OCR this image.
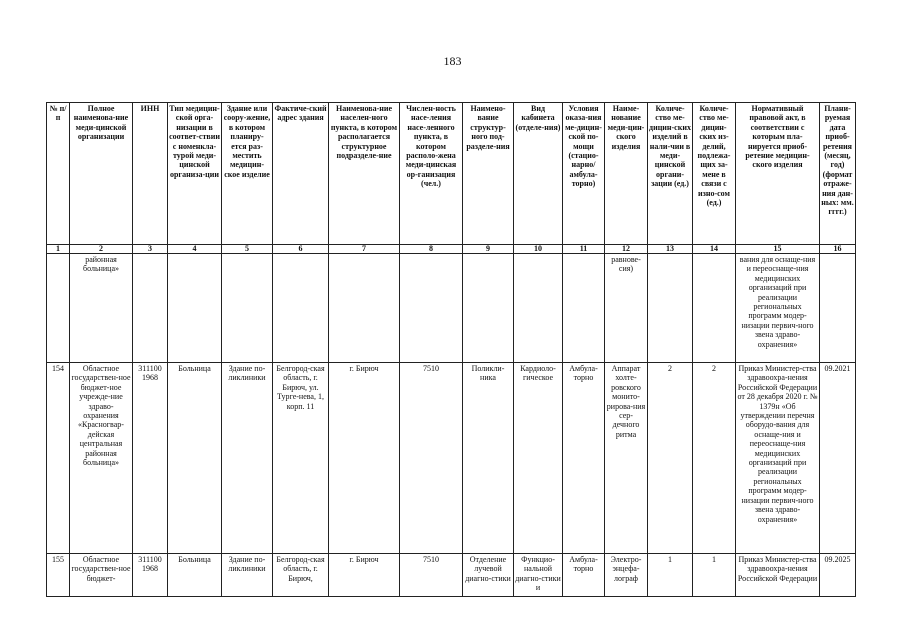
183
№ п/п	Полное наименова-ние меди-цинской организации	ИНН	Тип медицин-ской орга-низации в соответ-ствии с номенкла-турой меди-цинской организа-ции	Здание или соору-жение, в котором планиру-ется раз-местить медицин-ское изделие	Фактиче-ский адрес здания	Наименова-ние населен-ного пункта, в котором располагается структурное подразделе-ние	Числен-ность насе-ления насе-ленного пункта, в котором располо-жена меди-цинская ор-ганизация (чел.)	Наимено-вание структур-ного под-разделе-ния	Вид кабинета (отделе-ния)	Условия оказа-ния ме-дицин-ской по-мощи (стацио-нарно/ амбула-торно)	Наиме-нование меди-цин-ского изделия	Количе-ство ме-дицин-ских изделий в нали-чии в меди-цинской органи-зации (ед.)	Количе-ство ме-дицин-ских из-делий, подлежа-щих за-мене в связи с изно-сом (ед.)	Нормативный правовой акт, в соответствии с которым пла-нируется приоб-ретение медицин-ского изделия	Плани-руемая дата приоб-ретения (месяц, год) (формат отраже-ния дан-ных: мм. гггг.)
1	2	3	4	5	6	7	8	9	10	11	12	13	14	15	16
	районная больница»										равнове-сия)			вания для оснаще-ния и переоснаще-ния медицинских организаций при реализации региональных программ модер-низации первич-ного звена здраво-охранения»	
154	Областное государствен-ное бюджет-ное учрежде-ние здраво-охранения «Красногвар-дейская центральная районная больница»	311100 1968	Больница	Здание по-ликлиники	Белгород-ская область, г. Бирюч, ул. Турге-нева, 1, корп. 11	г. Бирюч	7510	Поликли-ника	Кардиоло-гическое	Амбула-торно	Аппарат холте-ровского монито-рирова-ния сер-дечного ритма	2	2	Приказ Министер-ства здравоохра-нения Российской Федерации от 28 декабря 2020 г. № 1379н «Об утверждении перечня оборудо-вания для оснаще-ния и переоснаще-ния медицинских организаций при реализации региональных программ модер-низации первич-ного звена здраво-охранения»	09.2021
155	Областное государствен-ное бюджет-	311100 1968	Больница	Здание по-ликлиники	Белгород-ская область, г. Бирюч,	г. Бирюч	7510	Отделение лучевой диагно-стики	Функцио-нальной диагно-стики и	Амбула-торно	Электро-энцефа-лограф	1	1	Приказ Министер-ства здравоохра-нения Российской Федерации	09.2025
